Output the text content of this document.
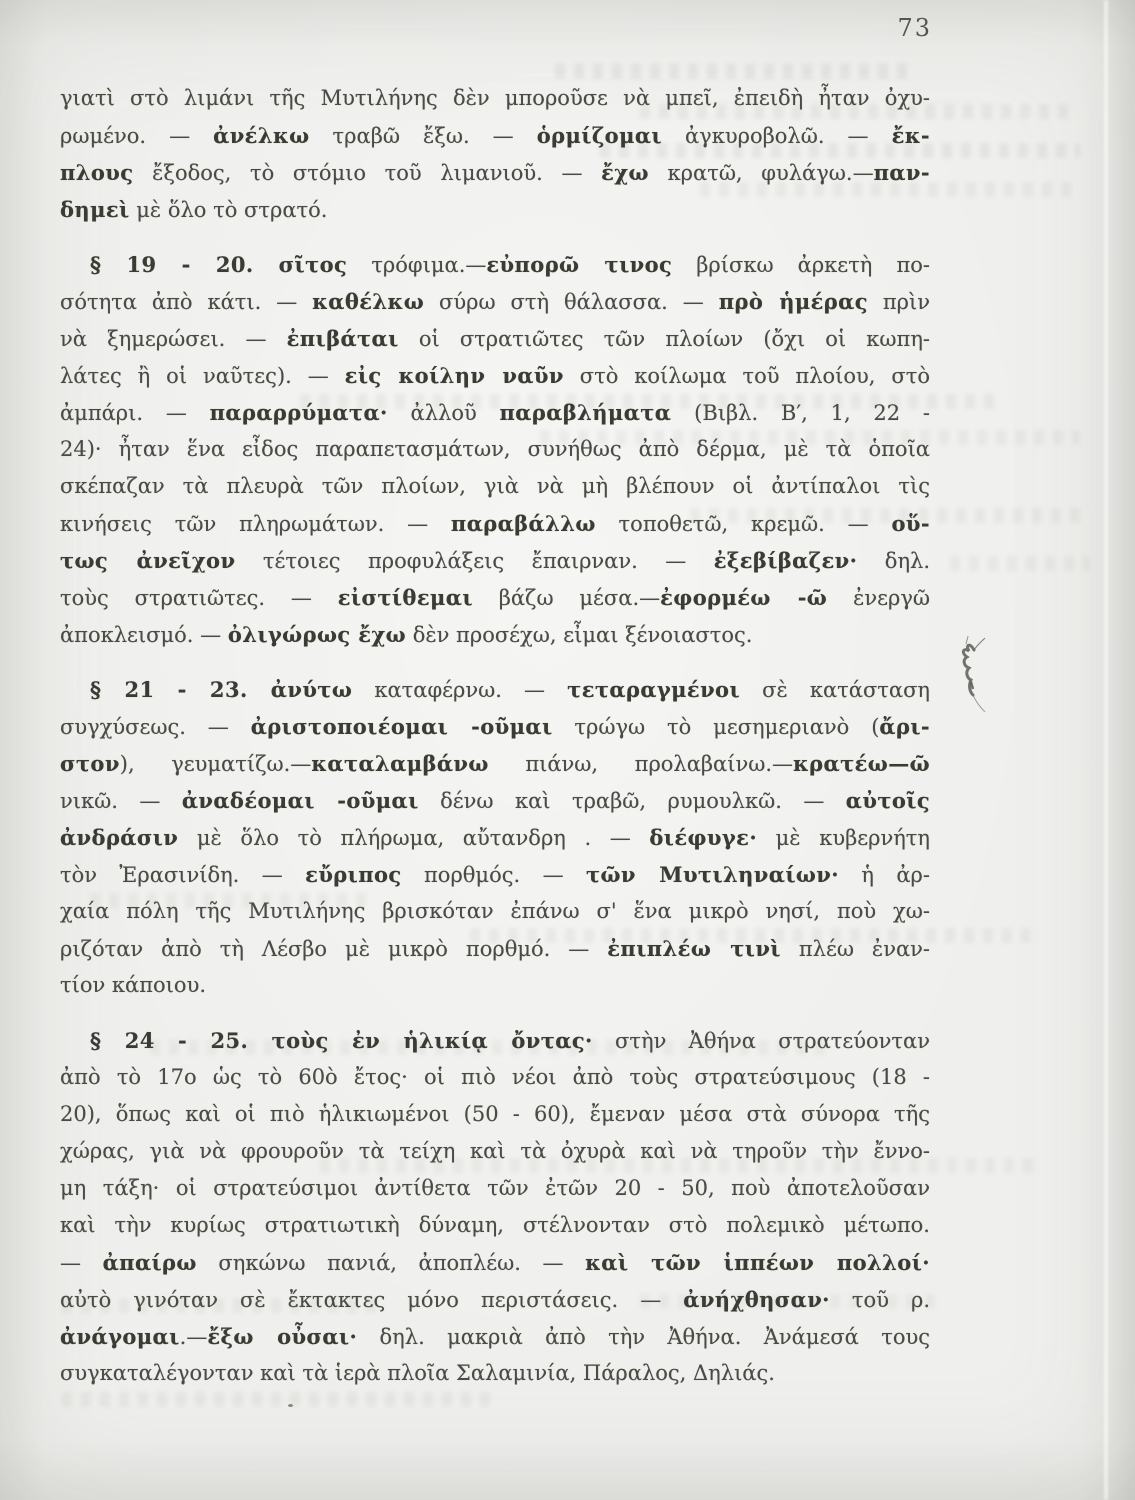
73
γιατὶ στὸ λιμάνι τῆς Μυτιλήνης δὲν μποροῦσε νὰ μπεῖ, ἐπειδὴ ἦταν ὀχυ-
ρωμένο. — ἀνέλκω τραβῶ ἔξω. — ὁρμίζομαι ἀγκυροβολῶ. — ἔκ-
πλους ἔξοδος, τὸ στόμιο τοῦ λιμανιοῦ. — ἔχω κρατῶ, φυλάγω.—παν-
δημεὶ μὲ ὅλο τὸ στρατό.
§ 19 - 20. σῖτος τρόφιμα.—εὐπορῶ τινος βρίσκω ἀρκετὴ πο-
σότητα ἀπὸ κάτι. — καθέλκω σύρω στὴ θάλασσα. — πρὸ ἡμέρας πρὶν
νὰ ξημερώσει. — ἐπιβάται οἱ στρατιῶτες τῶν πλοίων (ὄχι οἱ κωπη-
λάτες ἢ οἱ ναῦτες). — εἰς κοίλην ναῦν στὸ κοίλωμα τοῦ πλοίου, στὸ
ἀμπάρι. — παραρρύματα· ἀλλοῦ παραβλήματα (Βιβλ. Β′, 1, 22 -
24)· ἦταν ἕνα εἶδος παραπετασμάτων, συνήθως ἀπὸ δέρμα, μὲ τὰ ὁποῖα
σκέπαζαν τὰ πλευρὰ τῶν πλοίων, γιὰ νὰ μὴ βλέπουν οἱ ἀντίπαλοι τὶς
κινήσεις τῶν πληρωμάτων. — παραβάλλω τοποθετῶ, κρεμῶ. — οὕ-
τως ἀνεῖχον τέτοιες προφυλάξεις ἔπαιρναν. — ἐξεβίβαζεν· δηλ.
τοὺς στρατιῶτες. — εἰστίθεμαι βάζω μέσα.—ἐφορμέω -ῶ ἐνεργῶ
ἀποκλεισμό. — ὀλιγώρως ἔχω δὲν προσέχω, εἶμαι ξένοιαστος.
§ 21 - 23. ἀνύτω καταφέρνω. — τεταραγμένοι σὲ κατάσταση
συγχύσεως. — ἀριστοποιέομαι -οῦμαι τρώγω τὸ μεσημεριανὸ (ἄρι-
στον), γευματίζω.—καταλαμβάνω πιάνω, προλαβαίνω.—κρατέω—ῶ
νικῶ. — ἀναδέομαι -οῦμαι δένω καὶ τραβῶ, ρυμουλκῶ. — αὐτοῖς
ἀνδράσιν μὲ ὅλο τὸ πλήρωμα, αὔτανδρη . — διέφυγε· μὲ κυβερνήτη
τὸν Ἐρασινίδη. — εὔριπος πορθμός. — τῶν Μυτιληναίων· ἡ ἀρ-
χαία πόλη τῆς Μυτιλήνης βρισκόταν ἐπάνω σ' ἕνα μικρὸ νησί, ποὺ χω-
ριζόταν ἀπὸ τὴ Λέσβο μὲ μικρὸ πορθμό. — ἐπιπλέω τινὶ πλέω ἐναν-
τίον κάποιου.
§ 24 - 25. τοὺς ἐν ἡλικίᾳ ὄντας· στὴν Ἀθήνα στρατεύονταν
ἀπὸ τὸ 17ο ὡς τὸ 60ὸ ἔτος· οἱ πιὸ νέοι ἀπὸ τοὺς στρατεύσιμους (18 -
20), ὅπως καὶ οἱ πιὸ ἡλικιωμένοι (50 - 60), ἔμεναν μέσα στὰ σύνορα τῆς
χώρας, γιὰ νὰ φρουροῦν τὰ τείχη καὶ τὰ ὀχυρὰ καὶ νὰ τηροῦν τὴν ἔννο-
μη τάξη· οἱ στρατεύσιμοι ἀντίθετα τῶν ἐτῶν 20 - 50, ποὺ ἀποτελοῦσαν
καὶ τὴν κυρίως στρατιωτικὴ δύναμη, στέλνονταν στὸ πολεμικὸ μέτωπο.
— ἀπαίρω σηκώνω πανιά, ἀποπλέω. — καὶ τῶν ἱππέων πολλοί·
αὐτὸ γινόταν σὲ ἔκτακτες μόνο περιστάσεις. — ἀνήχθησαν· τοῦ ρ.
ἀνάγομαι.—ἔξω οὖσαι· δηλ. μακριὰ ἀπὸ τὴν Ἀθήνα. Ἀνάμεσά τους
συγκαταλέγονταν καὶ τὰ ἱερὰ πλοῖα Σαλαμινία, Πάραλος, Δηλιάς.
